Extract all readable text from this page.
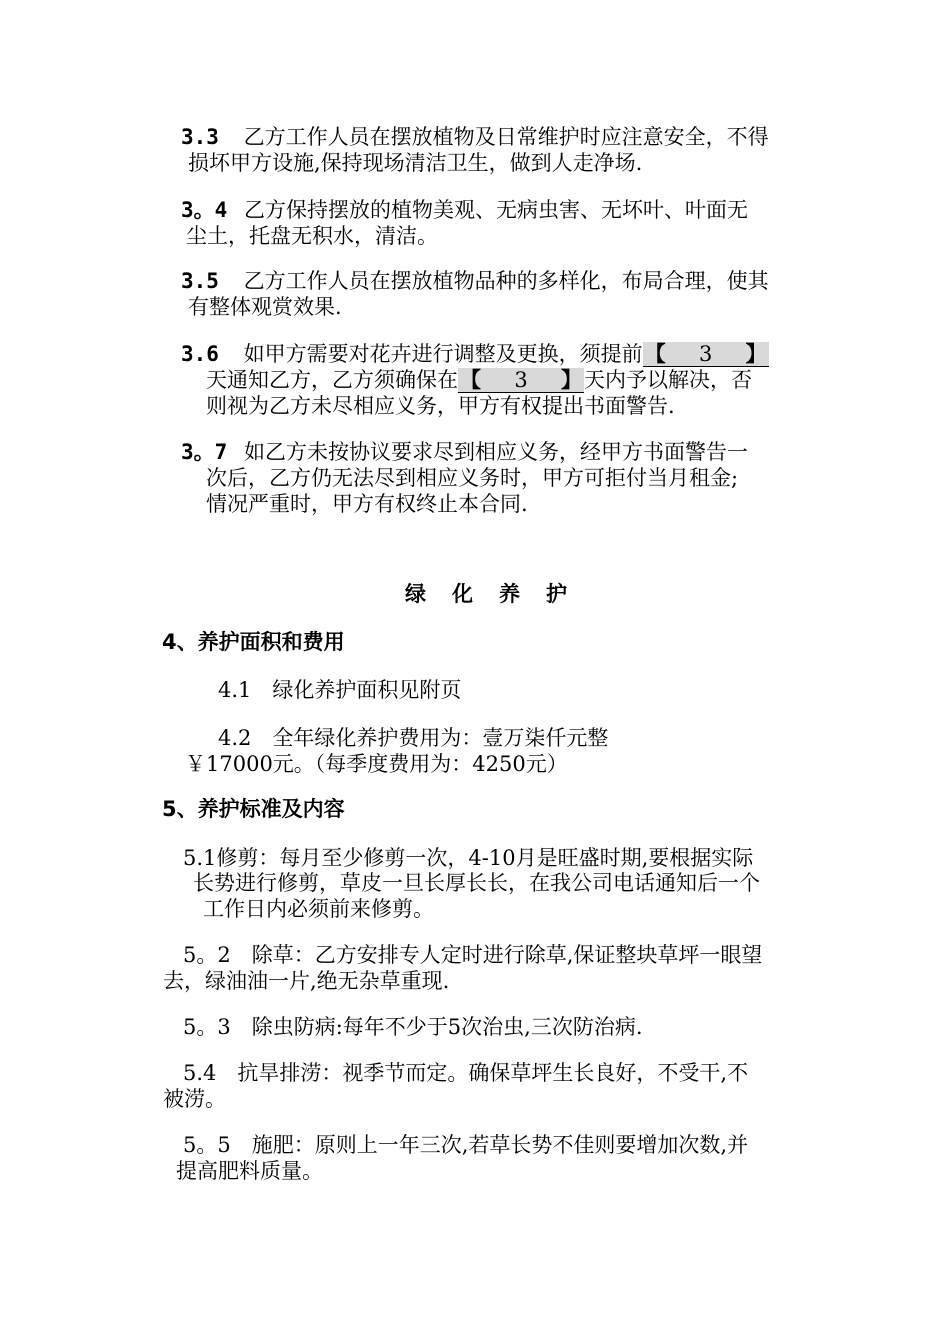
3.3 乙方工作人员在摆放植物及日常维护时应注意安全，不得
损坏甲方设施,保持现场清洁卫生，做到人走净场.
3。4 乙方保持摆放的植物美观、无病虫害、无坏叶、叶面无
尘土，托盘无积水，清洁。
3.5 乙方工作人员在摆放植物品种的多样化，布局合理，使其
有整体观赏效果.
3.6 如甲方需要对花卉进行调整及更换，须提前【 3 】
天通知乙方，乙方须确保在【 3 】天内予以解决，否
则视为乙方未尽相应义务，甲方有权提出书面警告.
3。7 如乙方未按协议要求尽到相应义务，经甲方书面警告一
次后，乙方仍无法尽到相应义务时，甲方可拒付当月租金;
情况严重时，甲方有权终止本合同.
绿化养护
4、养护面积和费用
4.1　绿化养护面积见附页
4.2　全年绿化养护费用为：壹万柒仟元整
￥17000元。（每季度费用为：4250元）
5、养护标准及内容
5.1修剪：每月至少修剪一次，4-10月是旺盛时期,要根据实际
长势进行修剪，草皮一旦长厚长长，在我公司电话通知后一个
工作日内必须前来修剪。
5。2　除草：乙方安排专人定时进行除草,保证整块草坪一眼望
去，绿油油一片,绝无杂草重现.
5。3　除虫防病:每年不少于5次治虫,三次防治病.
5.4　抗旱排涝：视季节而定。确保草坪生长良好，不受干,不
被涝。
5。5　施肥：原则上一年三次,若草长势不佳则要增加次数,并
提高肥料质量。
